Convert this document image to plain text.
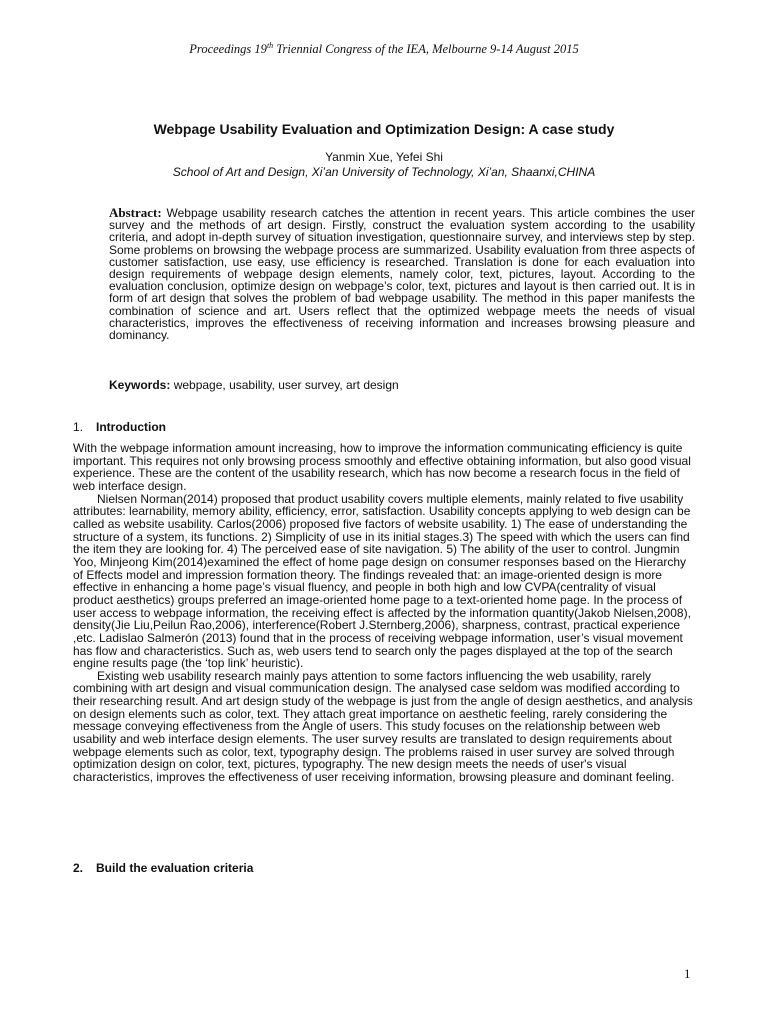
Proceedings 19th Triennial Congress of the IEA, Melbourne 9-14 August 2015
Webpage Usability Evaluation and Optimization Design: A case study
Yanmin Xue, Yefei Shi
School of Art and Design, Xi’an University of Technology, Xi’an, Shaanxi,CHINA
Abstract: Webpage usability research catches the attention in recent years. This article combines the user survey and the methods of art design. Firstly, construct the evaluation system according to the usability criteria, and adopt in-depth survey of situation investigation, questionnaire survey, and interviews step by step. Some problems on browsing the webpage process are summarized. Usability evaluation from three aspects of customer satisfaction, use easy, use efficiency is researched. Translation is done for each evaluation into design requirements of webpage design elements, namely color, text, pictures, layout. According to the evaluation conclusion, optimize design on webpage’s color, text, pictures and layout is then carried out. It is in form of art design that solves the problem of bad webpage usability. The method in this paper manifests the combination of science and art. Users reflect that the optimized webpage meets the needs of visual characteristics, improves the effectiveness of receiving information and increases browsing pleasure and dominancy.
Keywords: webpage, usability, user survey, art design
1. Introduction

With the webpage information amount increasing, how to improve the information communicating efficiency is quite important. This requires not only browsing process smoothly and effective obtaining information, but also good visual experience. These are the content of the usability research, which has now become a research focus in the field of web interface design.

Nielsen Norman(2014) proposed that product usability covers multiple elements, mainly related to five usability attributes: learnability, memory ability, efficiency, error, satisfaction. Usability concepts applying to web design can be called as website usability. Carlos(2006) proposed five factors of website usability. 1) The ease of understanding the structure of a system, its functions. 2) Simplicity of use in its initial stages.3) The speed with which the users can find the item they are looking for. 4) The perceived ease of site navigation. 5) The ability of the user to control. Jungmin Yoo, Minjeong Kim(2014)examined the effect of home page design on consumer responses based on the Hierarchy of Effects model and impression formation theory. The findings revealed that: an image-oriented design is more effective in enhancing a home page’s visual fluency, and people in both high and low CVPA(centrality of visual product aesthetics) groups preferred an image-oriented home page to a text-oriented home page. In the process of user access to webpage information, the receiving effect is affected by the information quantity(Jakob Nielsen,2008), density(Jie Liu,Peilun Rao,2006), interference(Robert J.Sternberg,2006), sharpness, contrast, practical experience ,etc. Ladislao Salmerón (2013) found that in the process of receiving webpage information, user’s visual movement has flow and characteristics. Such as, web users tend to search only the pages displayed at the top of the search engine results page (the ‘top link’ heuristic).

Existing web usability research mainly pays attention to some factors influencing the web usability, rarely combining with art design and visual communication design. The analysed case seldom was modified according to their researching result. And art design study of the webpage is just from the angle of design aesthetics, and analysis on design elements such as color, text. They attach great importance on aesthetic feeling, rarely considering the message conveying effectiveness from the Angle of users. This study focuses on the relationship between web usability and web interface design elements. The user survey results are translated to design requirements about webpage elements such as color, text, typography design. The problems raised in user survey are solved through optimization design on color, text, pictures, typography. The new design meets the needs of user's visual characteristics, improves the effectiveness of user receiving information, browsing pleasure and dominant feeling.

2. Build the evaluation criteria
1
